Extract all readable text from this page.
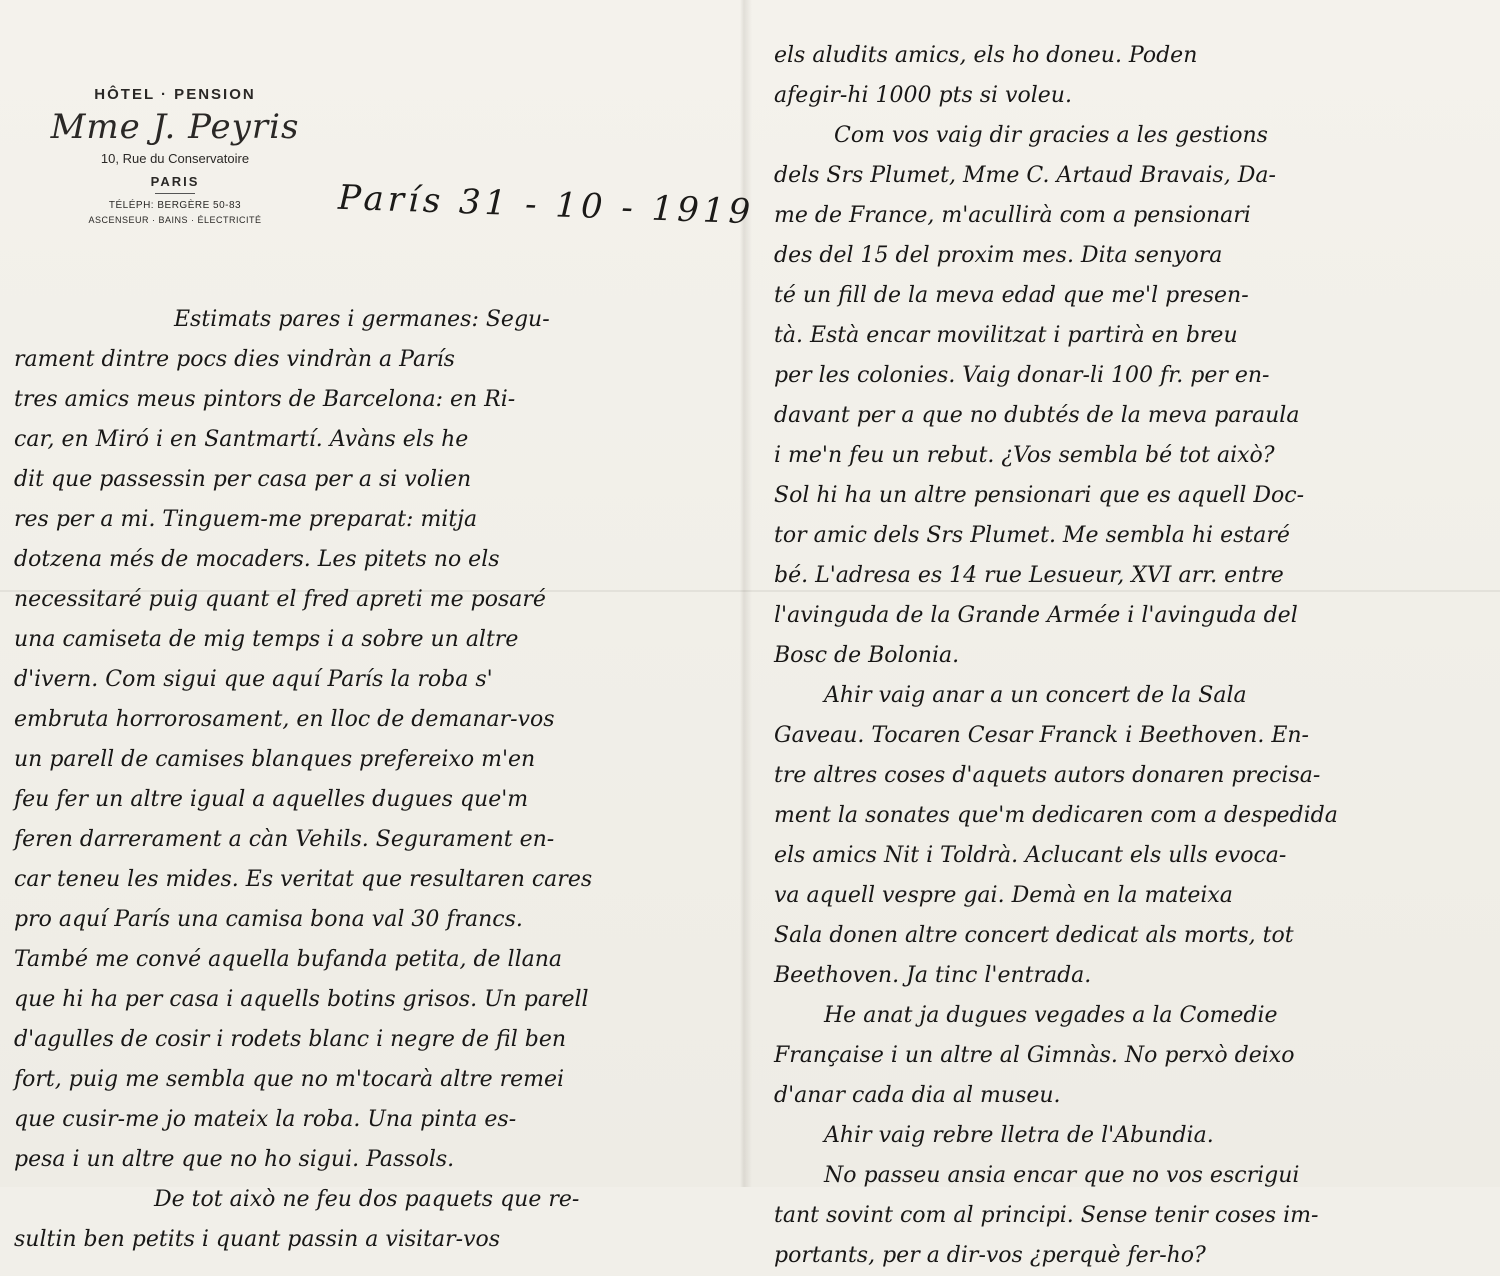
HÔTEL · PENSION
Mme J. Peyris
10, Rue du Conservatoire
PARIS
TÉLÉPH: BERGÈRE 50-83
ASCENSEUR · BAINS · ÉLECTRICITÉ	París 31 - 10 - 1919
Estimats pares i germanes: Segu-
rament dintre pocs dies vindràn a París
tres amics meus pintors de Barcelona: en Ri-
car, en Miró i en Santmartí. Avàns els he
dit que passessin per casa per a si volien
res per a mi. Tinguem-me preparat: mitja
dotzena més de mocaders. Les pitets no els
necessitaré puig quant el fred apreti me posaré
una camiseta de mig temps i a sobre un altre
d'ivern. Com sigui que aquí París la roba s'
embruta horrorosament, en lloc de demanar-vos
un parell de camises blanques prefereixo m'en
feu fer un altre igual a aquelles dugues que'm
feren darrerament a càn Vehils. Segurament en-
car teneu les mides. Es veritat que resultaren cares
pro aquí París una camisa bona val 30 francs.
També me convé aquella bufanda petita, de llana
que hi ha per casa i aquells botins grisos. Un parell
d'agulles de cosir i rodets blanc i negre de fil ben
fort, puig me sembla que no m'tocarà altre remei
que cusir-me jo mateix la roba. Una pinta es-
pesa i un altre que no ho sigui. Passols.
De tot això ne feu dos paquets que re-
sultin ben petits i quant passin a visitar-vos
els aludits amics, els ho doneu. Poden
afegir-hi 1000 pts si voleu.
Com vos vaig dir gracies a les gestions
dels Srs Plumet, Mme C. Artaud Bravais, Da-
me de France, m'acullirà com a pensionari
des del 15 del proxim mes. Dita senyora
té un fill de la meva edad que me'l presen-
tà. Està encar movilitzat i partirà en breu
per les colonies. Vaig donar-li 100 fr. per en-
davant per a que no dubtés de la meva paraula
i me'n feu un rebut. ¿Vos sembla bé tot això?
Sol hi ha un altre pensionari que es aquell Doc-
tor amic dels Srs Plumet. Me sembla hi estaré
bé. L'adresa es 14 rue Lesueur, XVI arr. entre
l'avinguda de la Grande Armée i l'avinguda del
Bosc de Bolonia.
Ahir vaig anar a un concert de la Sala
Gaveau. Tocaren Cesar Franck i Beethoven. En-
tre altres coses d'aquets autors donaren precisa-
ment la sonates que'm dedicaren com a despedida
els amics Nit i Toldrà. Aclucant els ulls evoca-
va aquell vespre gai. Demà en la mateixa
Sala donen altre concert dedicat als morts, tot
Beethoven. Ja tinc l'entrada.
He anat ja dugues vegades a la Comedie
Française i un altre al Gimnàs. No perxò deixo
d'anar cada dia al museu.
Ahir vaig rebre lletra de l'Abundia.
No passeu ansia encar que no vos escrigui
tant sovint com al principi. Sense tenir coses im-
portants, per a dir-vos ¿perquè fer-ho?
